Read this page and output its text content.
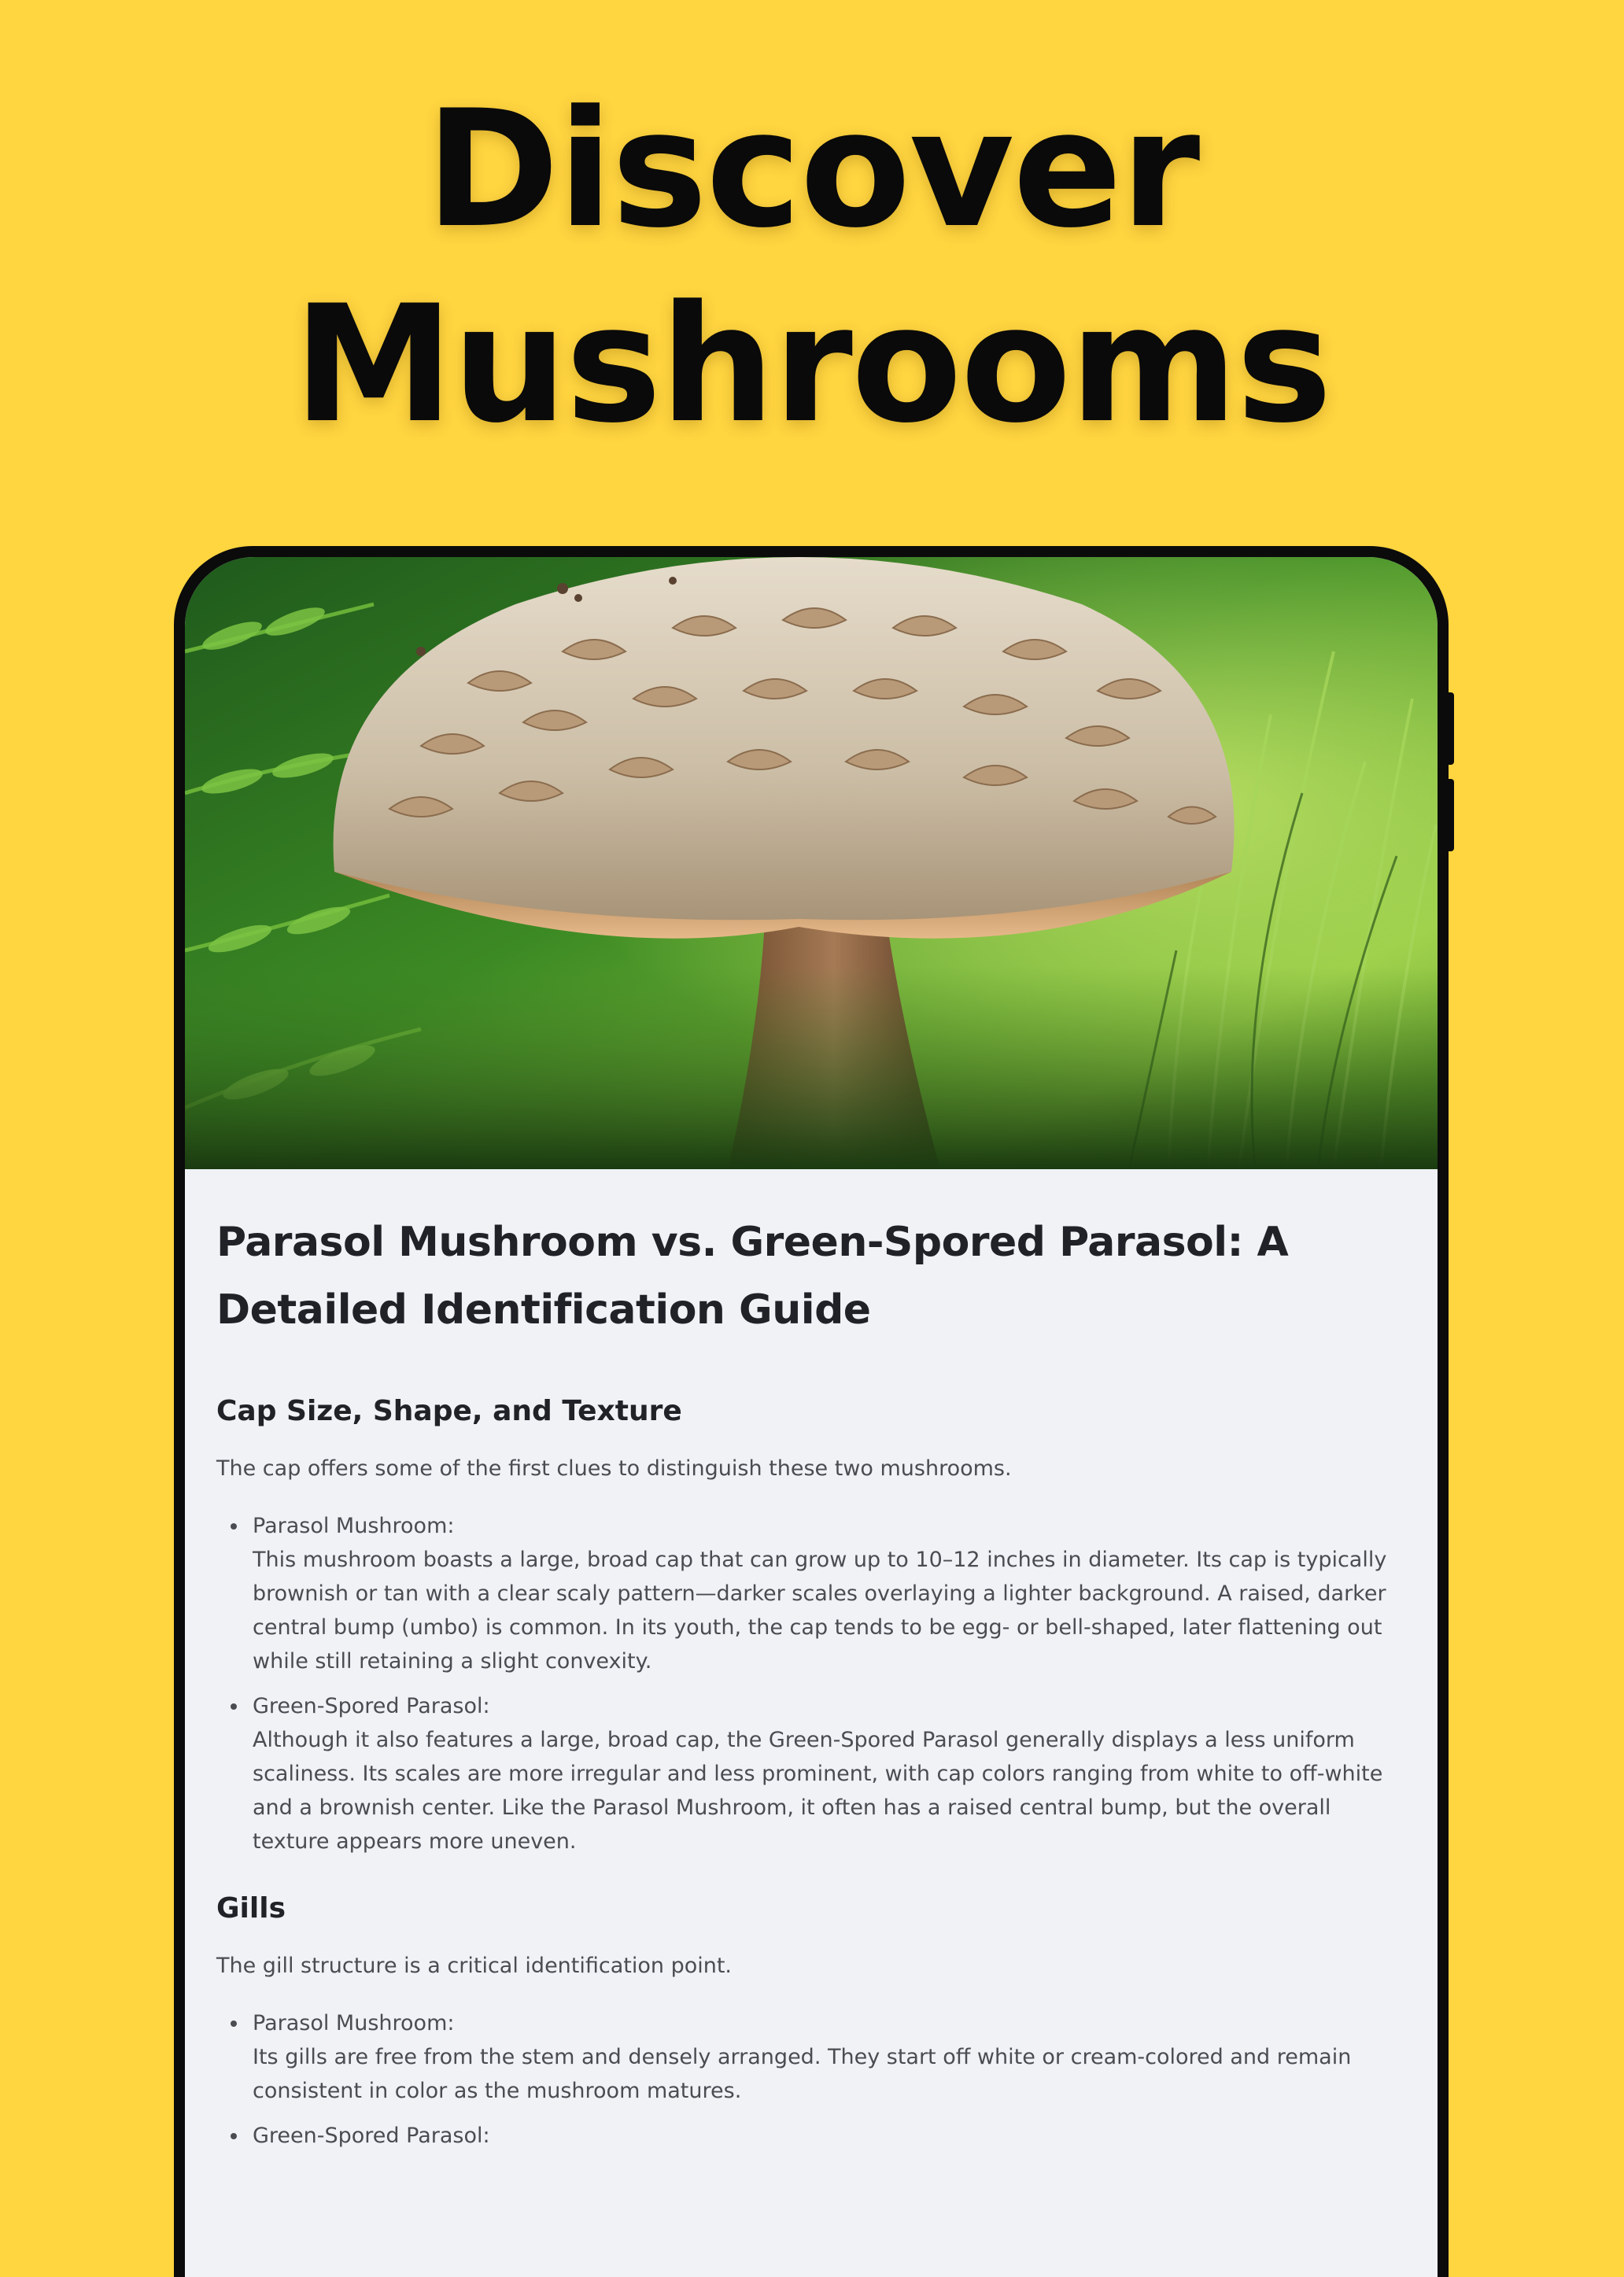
Discover
Mushrooms
Parasol Mushroom vs. Green-Spored Parasol: A Detailed Identification Guide
Cap Size, Shape, and Texture

The cap offers some of the first clues to distinguish these two mushrooms.

Parasol Mushroom:
This mushroom boasts a large, broad cap that can grow up to 10–12 inches in diameter. Its cap is typically brownish or tan with a clear scaly pattern—darker scales overlaying a lighter background. A raised, darker central bump (umbo) is common. In its youth, the cap tends to be egg- or bell-shaped, later flattening out while still retaining a slight convexity.
Green-Spored Parasol:
Although it also features a large, broad cap, the Green-Spored Parasol generally displays a less uniform scaliness. Its scales are more irregular and less prominent, with cap colors ranging from white to off-white and a brownish center. Like the Parasol Mushroom, it often has a raised central bump, but the overall texture appears more uneven.
Gills

The gill structure is a critical identification point.

Parasol Mushroom:
Its gills are free from the stem and densely arranged. They start off white or cream-colored and remain consistent in color as the mushroom matures.
Green-Spored Parasol:
